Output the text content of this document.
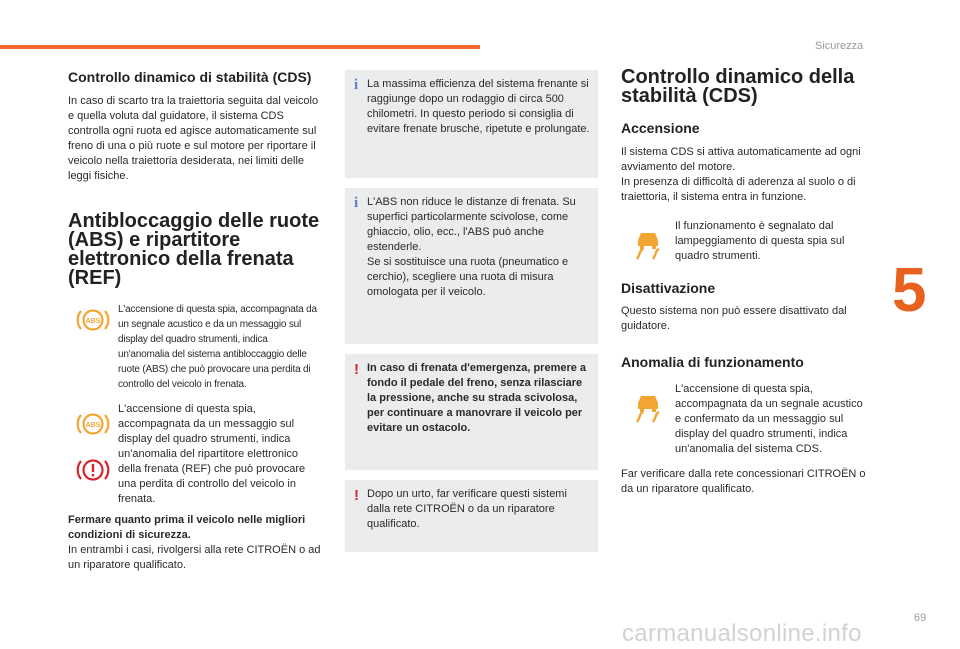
Sicurezza
5
69
carmanualsonline.info
Controllo dinamico di stabilità (CDS)

In caso di scarto tra la traiettoria seguita dal veicolo e quella voluta dal guidatore, il sistema CDS controlla ogni ruota ed agisce automaticamente sul freno di una o più ruote e sul motore per riportare il veicolo nella traiettoria desiderata, nei limiti delle leggi fisiche.

Antibloccaggio delle ruote (ABS) e ripartitore elettronico della frenata (REF)
ABS

L'accensione di questa spia, accompagnata da un segnale acustico e da un messaggio sul display del quadro strumenti, indica un'anomalia del sistema antibloccaggio delle ruote (ABS) che può provocare una perdita di controllo del veicolo in frenata.

ABS

L'accensione di questa spia, accompagnata da un messaggio sul display del quadro strumenti, indica un'anomalia del ripartitore elettronico della frenata (REF) che può provocare una perdita di controllo del veicolo in frenata.

Fermare quanto prima il veicolo nelle migliori condizioni di sicurezza.

In entrambi i casi, rivolgersi alla rete CITROËN o ad un riparatore qualificato.

i La massima efficienza del sistema frenante si raggiunge dopo un rodaggio di circa 500 chilometri. In questo periodo si consiglia di evitare frenate brusche, ripetute e prolungate.

i L'ABS non riduce le distanze di frenata. Su superfici particolarmente scivolose, come ghiaccio, olio, ecc., l'ABS può anche estenderle.

Se si sostituisce una ruota (pneumatico e cerchio), scegliere una ruota di misura omologata per il veicolo.

! In caso di frenata d'emergenza, premere a fondo il pedale del freno, senza rilasciare la pressione, anche su strada scivolosa, per continuare a manovrare il veicolo per evitare un ostacolo.

! Dopo un urto, far verificare questi sistemi dalla rete CITROËN o da un riparatore qualificato.

Controllo dinamico della stabilità (CDS)
Accensione

Il sistema CDS si attiva automaticamente ad ogni avviamento del motore.

In presenza di difficoltà di aderenza al suolo o di traiettoria, il sistema entra in funzione.

Il funzionamento è segnalato dal lampeggiamento di questa spia sul quadro strumenti.

Disattivazione

Questo sistema non può essere disattivato dal guidatore.

Anomalia di funzionamento

L'accensione di questa spia, accompagnata da un segnale acustico e confermato da un messaggio sul display del quadro strumenti, indica un'anomalia del sistema CDS.

Far verificare dalla rete concessionari CITROËN o da un riparatore qualificato.
